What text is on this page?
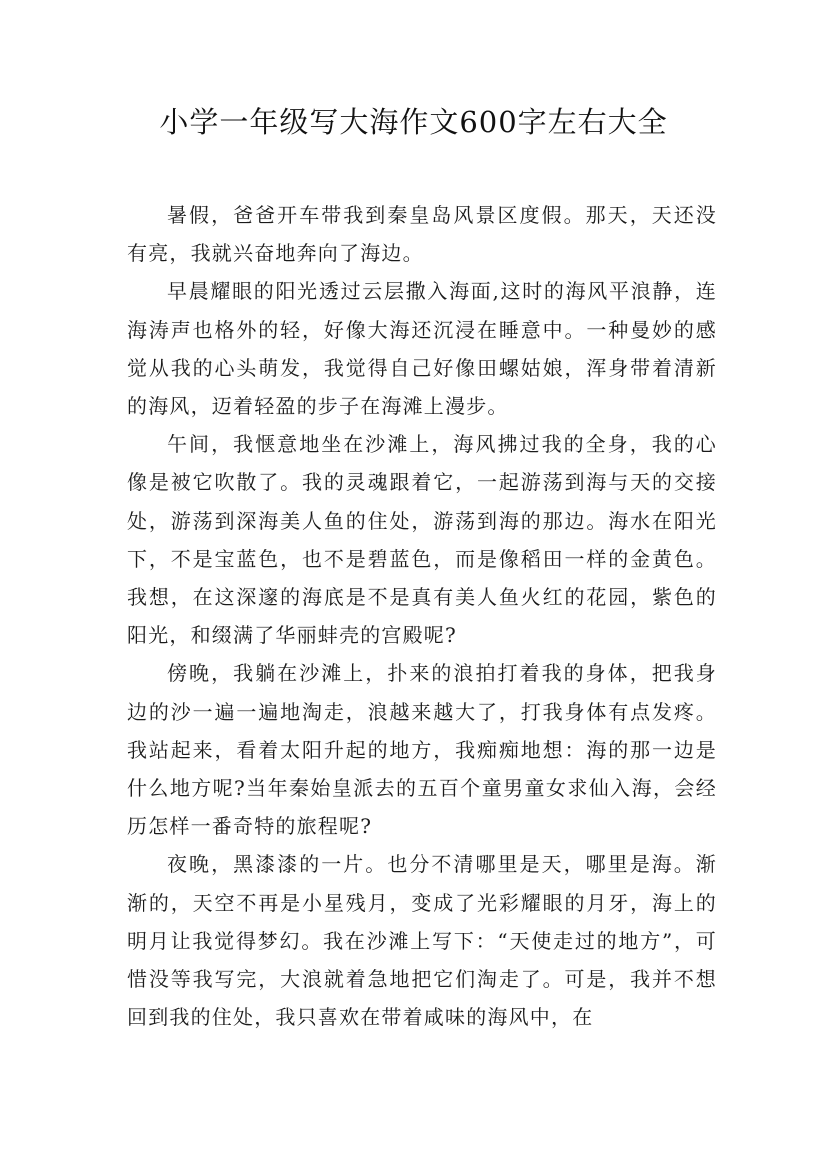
小学一年级写大海作文600字左右大全

暑假，爸爸开车带我到秦皇岛风景区度假。那天，天还没有亮，我就兴奋地奔向了海边。

早晨耀眼的阳光透过云层撒入海面,这时的海风平浪静，连海涛声也格外的轻，好像大海还沉浸在睡意中。一种曼妙的感觉从我的心头萌发，我觉得自己好像田螺姑娘，浑身带着清新的海风，迈着轻盈的步子在海滩上漫步。

午间，我惬意地坐在沙滩上，海风拂过我的全身，我的心像是被它吹散了。我的灵魂跟着它，一起游荡到海与天的交接处，游荡到深海美人鱼的住处，游荡到海的那边。海水在阳光下，不是宝蓝色，也不是碧蓝色，而是像稻田一样的金黄色。我想，在这深邃的海底是不是真有美人鱼火红的花园，紫色的阳光，和缀满了华丽蚌壳的宫殿呢?

傍晚，我躺在沙滩上，扑来的浪拍打着我的身体，把我身边的沙一遍一遍地淘走，浪越来越大了，打我身体有点发疼。我站起来，看着太阳升起的地方，我痴痴地想：海的那一边是什么地方呢?当年秦始皇派去的五百个童男童女求仙入海，会经历怎样一番奇特的旅程呢?

夜晚，黑漆漆的一片。也分不清哪里是天，哪里是海。渐渐的，天空不再是小星残月，变成了光彩耀眼的月牙，海上的明月让我觉得梦幻。我在沙滩上写下：“天使走过的地方”，可惜没等我写完，大浪就着急地把它们淘走了。可是，我并不想回到我的住处，我只喜欢在带着咸味的海风中，在
